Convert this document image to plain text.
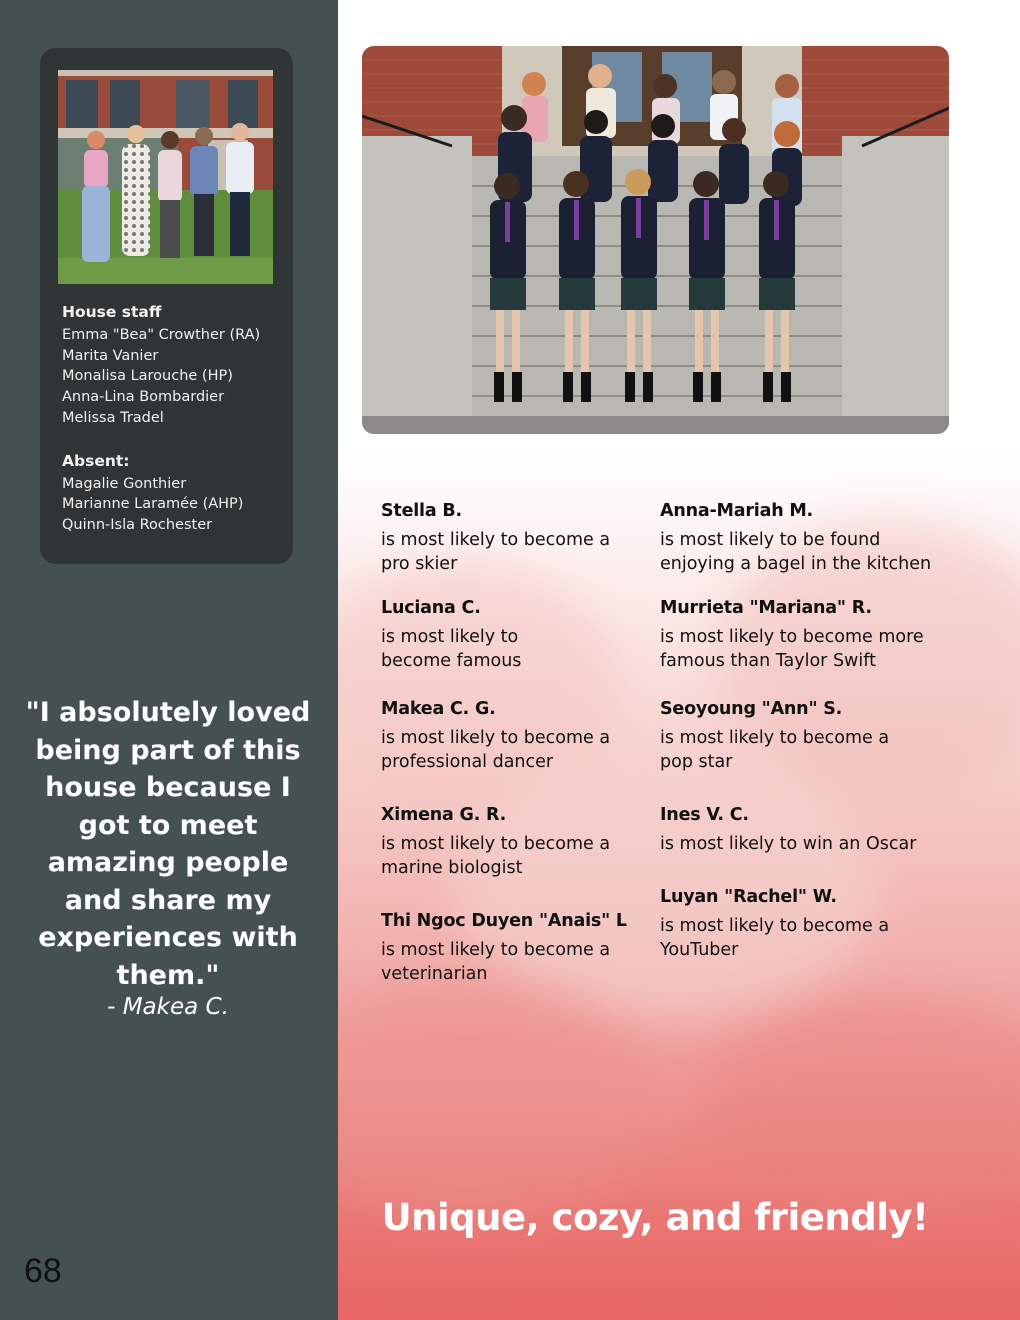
House staff
Emma "Bea" Crowther (RA)
Marita Vanier
Monalisa Larouche (HP)
Anna-Lina Bombardier
Melissa Tradel
Absent:
Magalie Gonthier
Marianne Laramée (AHP)
Quinn-Isla Rochester
"I absolutely loved being part of this house because I got to meet amazing people and share my experiences with them."
- Makea C.
68
Stella B.
is most likely to become a pro skier
Luciana C.
is most likely to become famous
Makea C. G.
is most likely to become a professional dancer
Ximena G. R.
is most likely to become a marine biologist
Thi Ngoc Duyen "Anais" L
is most likely to become a veterinarian
Anna-Mariah M.
is most likely to be found enjoying a bagel in the kitchen
Murrieta "Mariana" R.
is most likely to become more famous than Taylor Swift
Seoyoung "Ann" S.
is most likely to become a pop star
Ines V. C.
is most likely to win an Oscar
Luyan "Rachel" W.
is most likely to become a YouTuber
Unique, cozy, and friendly!
